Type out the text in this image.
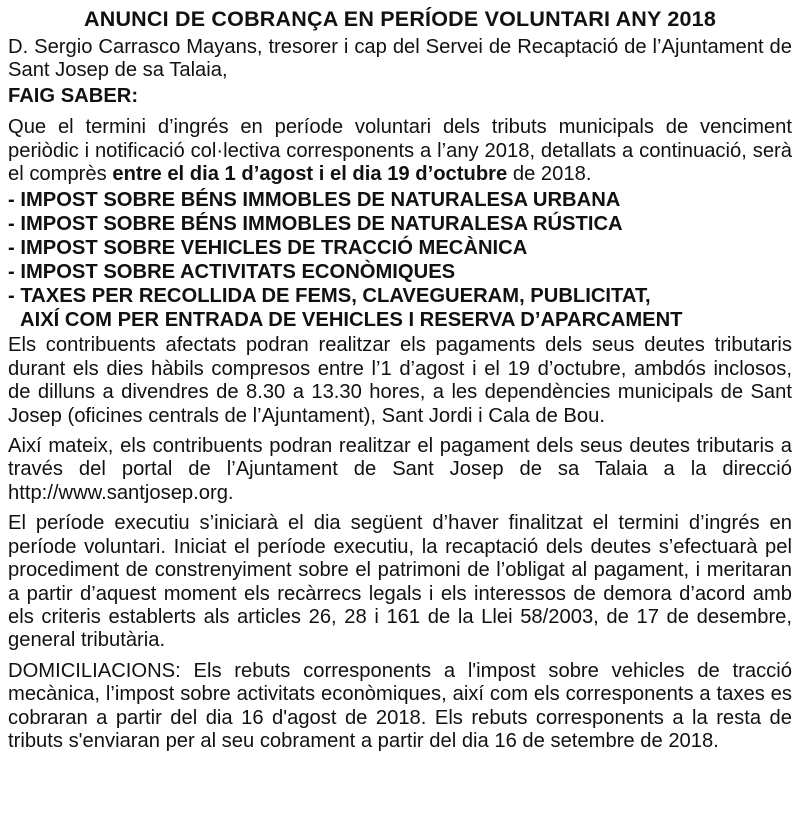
ANUNCI DE COBRANÇA EN PERÍODE VOLUNTARI ANY 2018

D. Sergio Carrasco Mayans, tresorer i cap del Servei de Recaptació de l’Ajuntament de Sant Josep de sa Talaia,

FAIG SABER:

Que el termini d’ingrés en període voluntari dels tributs municipals de venciment periòdic i notificació col·lectiva corresponents a l’any 2018, detallats a continuació, serà el comprès entre el dia 1 d’agost i el dia 19 d’octubre de 2018.

- IMPOST SOBRE BÉNS IMMOBLES DE NATURALESA URBANA
- IMPOST SOBRE BÉNS IMMOBLES DE NATURALESA RÚSTICA
- IMPOST SOBRE VEHICLES DE TRACCIÓ MECÀNICA
- IMPOST SOBRE ACTIVITATS ECONÒMIQUES
- TAXES PER RECOLLIDA DE FEMS, CLAVEGUERAM, PUBLICITAT,
AIXÍ COM PER ENTRADA DE VEHICLES I RESERVA D’APARCAMENT

Els contribuents afectats podran realitzar els pagaments dels seus deutes tributaris durant els dies hàbils compresos entre l’1 d’agost i el 19 d’octubre, ambdós inclosos, de dilluns a divendres de 8.30 a 13.30 hores, a les dependències municipals de Sant Josep (oficines centrals de l’Ajuntament), Sant Jordi i Cala de Bou.

Així mateix, els contribuents podran realitzar el pagament dels seus deutes tributaris a través del portal de l’Ajuntament de Sant Josep de sa Talaia a la direcció http://www.santjosep.org.

El període executiu s’iniciarà el dia següent d’haver finalitzat el termini d’ingrés en període voluntari. Iniciat el període executiu, la recaptació dels deutes s’efectuarà pel procediment de constrenyiment sobre el patrimoni de l’obligat al pagament, i meritaran a partir d’aquest moment els recàrrecs legals i els interessos de demora d’acord amb els criteris establerts als articles 26, 28 i 161 de la Llei 58/2003, de 17 de desembre, general tributària.

DOMICILIACIONS: Els rebuts corresponents a l'impost sobre vehicles de tracció mecànica, l’impost sobre activitats econòmiques, així com els corresponents a taxes es cobraran a partir del dia 16 d'agost de 2018. Els rebuts corresponents a la resta de tributs s'enviaran per al seu cobrament a partir del dia 16 de setembre de 2018.
